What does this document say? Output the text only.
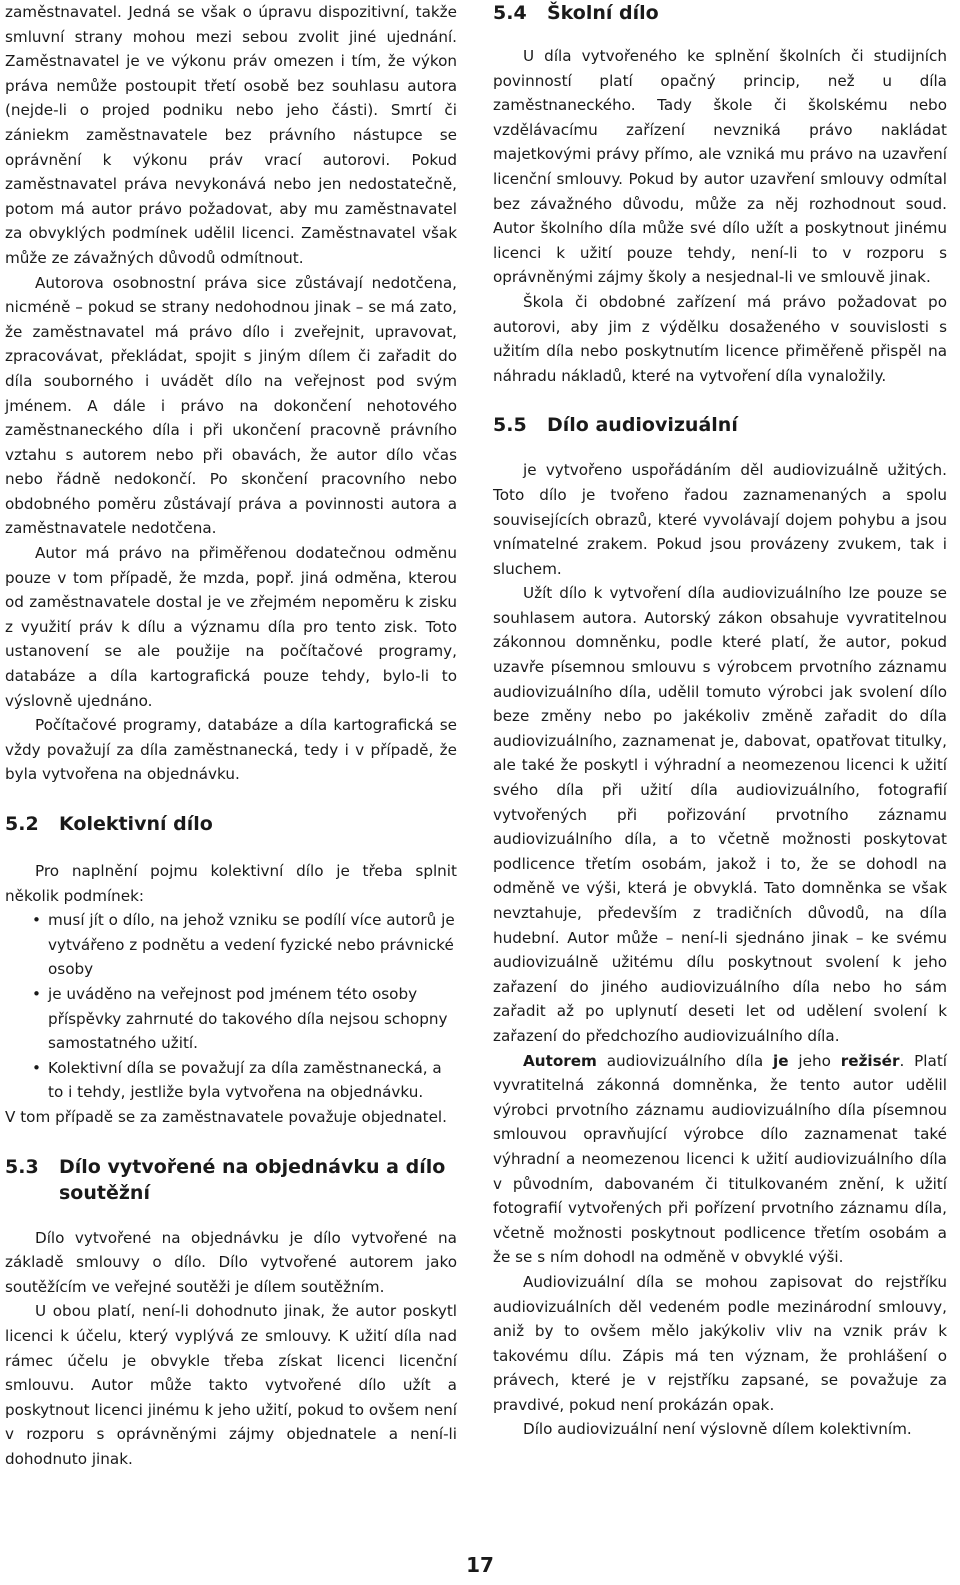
zaměstnavatel. Jedná se však o úpravu dispozitivní, takže smluvní strany mohou mezi sebou zvolit jiné ujednání. Zaměstnavatel je ve výkonu práv omezen i tím, že výkon práva nemůže postoupit třetí osobě bez souhlasu autora (nejde-li o projed podniku nebo jeho části). Smrtí či zániekm zaměstnavatele bez právního nástupce se oprávnění k výkonu práv vrací autorovi. Pokud zaměstnavatel práva nevykonává nebo jen nedostatečně, potom má autor právo požadovat, aby mu zaměstnavatel za obvyklých podmínek udělil licenci. Zaměstnavatel však může ze závažných důvodů odmítnout.

Autorova osobnostní práva sice zůstávají nedotčena, nicméně – pokud se strany nedohodnou jinak – se má zato, že zaměstnavatel má právo dílo i zveřejnit, upravovat, zpracovávat, překládat, spojit s jiným dílem či zařadit do díla souborného i uvádět dílo na veřejnost pod svým jménem. A dále i právo na dokončení nehotového zaměstnaneckého díla i při ukončení pracovně právního vztahu s autorem nebo při obavách, že autor dílo včas nebo řádně nedokončí. Po skončení pracovního nebo obdobného poměru zůstávají práva a povinnosti autora a zaměstnavatele nedotčena.

Autor má právo na přiměřenou dodatečnou odměnu pouze v tom případě, že mzda, popř. jiná odměna, kterou od zaměstnavatele dostal je ve zřejmém nepoměru k zisku z využití práv k dílu a významu díla pro tento zisk. Toto ustanovení se ale použije na počítačové programy, databáze a díla kartografická pouze tehdy, bylo-li to výslovně ujednáno.

Počítačové programy, databáze a díla kartografická se vždy považují za díla zaměstnanecká, tedy i v případě, že byla vytvořena na objednávku.

5.2	Kolektivní dílo

Pro naplnění pojmu kolektivní dílo je třeba splnit několik podmínek:

• musí jít o dílo, na jehož vzniku se podílí více autorů je vytvářeno z podnětu a vedení fyzické nebo právnické osoby
• je uváděno na veřejnost pod jménem této osoby příspěvky zahrnuté do takového díla nejsou schopny samostatného užití.
• Kolektivní díla se považují za díla zaměstnanecká, a to i tehdy, jestliže byla vytvořena na objednávku.

V tom případě se za zaměstnavatele považuje objednatel.

5.3	Dílo vytvořené na objednávku a dílo soutěžní

Dílo vytvořené na objednávku je dílo vytvořené na základě smlouvy o dílo. Dílo vytvořené autorem jako soutěžícím ve veřejné soutěži je dílem soutěžním.

U obou platí, není-li dohodnuto jinak, že autor poskytl licenci k účelu, který vyplývá ze smlouvy. K užití díla nad rámec účelu je obvykle třeba získat licenci licenční smlouvu. Autor může takto vytvořené dílo užít a poskytnout licenci jinému k jeho užití, pokud to ovšem není v rozporu s oprávněnými zájmy objednatele a není-li dohodnuto jinak.

5.4	Školní dílo

U díla vytvořeného ke splnění školních či studijních povinností platí opačný princip, než u díla zaměstnaneckého. Tady škole či školskému nebo vzdělávacímu zařízení nevzniká právo nakládat majetkovými právy přímo, ale vzniká mu právo na uzavření licenční smlouvy. Pokud by autor uzavření smlouvy odmítal bez závažného důvodu, může za něj rozhodnout soud. Autor školního díla může své dílo užít a poskytnout jinému licenci k užití pouze tehdy, není-li to v rozporu s oprávněnými zájmy školy a nesjednal-li ve smlouvě jinak.

Škola či obdobné zařízení má právo požadovat po autorovi, aby jim z výdělku dosaženého v souvislosti s užitím díla nebo poskytnutím licence přiměřeně přispěl na náhradu nákladů, které na vytvoření díla vynaložily.

5.5	Dílo audiovizuální

je vytvořeno uspořádáním děl audiovizuálně užitých. Toto dílo je tvořeno řadou zaznamenaných a spolu souvisejících obrazů, které vyvolávají dojem pohybu a jsou vnímatelné zrakem. Pokud jsou provázeny zvukem, tak i sluchem.

Užít dílo k vytvoření díla audiovizuálního lze pouze se souhlasem autora. Autorský zákon obsahuje vyvratitelnou zákonnou domněnku, podle které platí, že autor, pokud uzavře písemnou smlouvu s výrobcem prvotního záznamu audiovizuálního díla, udělil tomuto výrobci jak svolení dílo beze změny nebo po jakékoliv změně zařadit do díla audiovizuálního, zaznamenat je, dabovat, opatřovat titulky, ale také že poskytl i výhradní a neomezenou licenci k užití svého díla při užití díla audiovizuálního, fotografií vytvořených při pořizování prvotního záznamu audiovizuálního díla, a to včetně možnosti poskytovat podlicence třetím osobám, jakož i to, že se dohodl na odměně ve výši, která je obvyklá. Tato domněnka se však nevztahuje, především z tradičních důvodů, na díla hudební. Autor může – není-li sjednáno jinak – ke svému audiovizuálně užitému dílu poskytnout svolení k jeho zařazení do jiného audiovizuálního díla nebo ho sám zařadit až po uplynutí deseti let od udělení svolení k zařazení do předchozího audiovizuálního díla.

Autorem audiovizuálního díla je jeho režisér. Platí vyvratitelná zákonná domněnka, že tento autor udělil výrobci prvotního záznamu audiovizuálního díla písemnou smlouvou opravňující výrobce dílo zaznamenat také výhradní a neomezenou licenci k užití audiovizuálního díla v původním, dabovaném či titulkovaném znění, k užití fotografií vytvořených při pořízení prvotního záznamu díla, včetně možnosti poskytnout podlicence třetím osobám a že se s ním dohodl na odměně v obvyklé výši.

Audiovizuální díla se mohou zapisovat do rejstříku audiovizuálních děl vedeném podle mezinárodní smlouvy, aniž by to ovšem mělo jakýkoliv vliv na vznik práv k takovému dílu. Zápis má ten význam, že prohlášení o právech, které je v rejstříku zapsané, se považuje za pravdivé, pokud není prokázán opak.

Dílo audiovizuální není výslovně dílem kolektivním.

17
